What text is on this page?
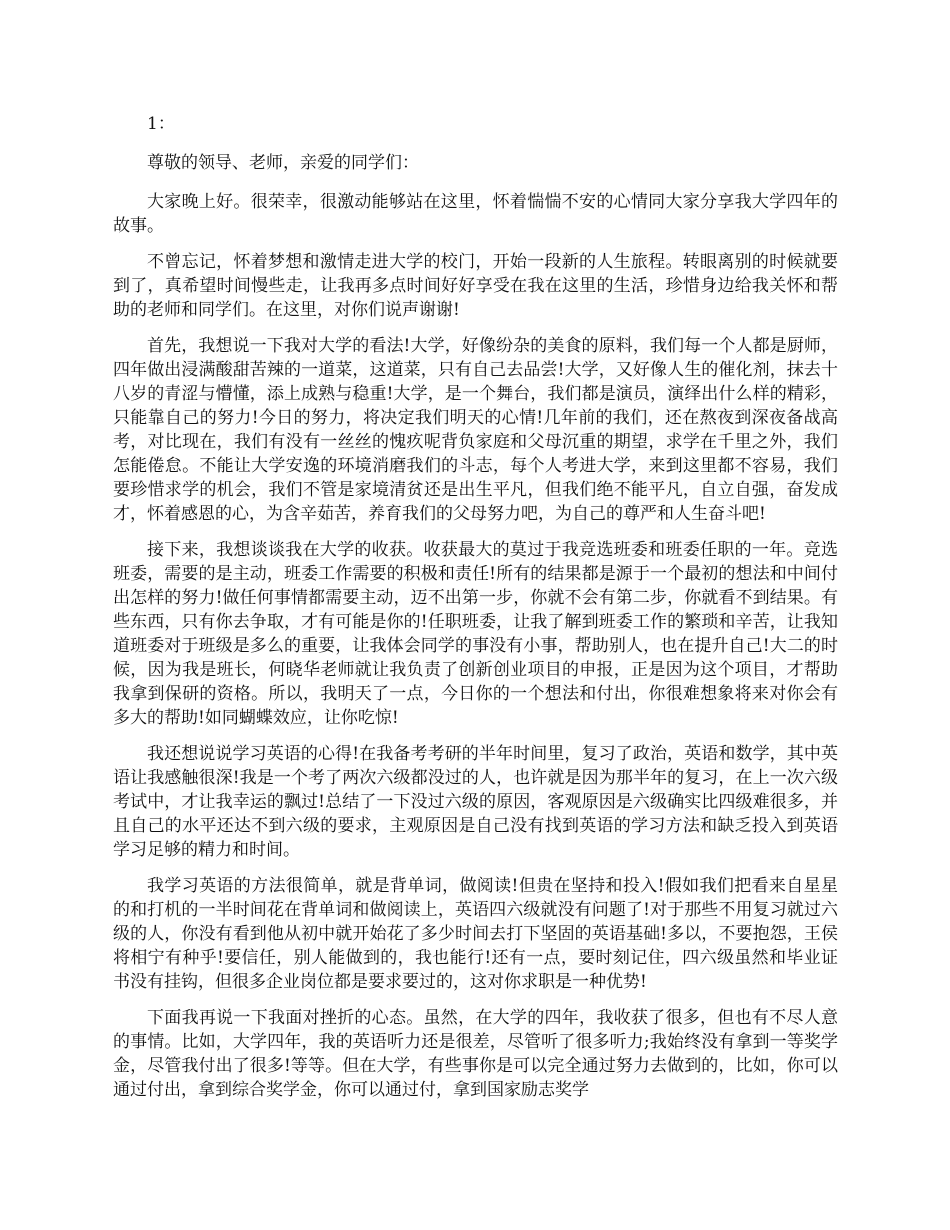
1：

尊敬的领导、老师，亲爱的同学们：

大家晚上好。很荣幸，很激动能够站在这里，怀着惴惴不安的心情同大家分享我大学四年的故事。

不曾忘记，怀着梦想和激情走进大学的校门，开始一段新的人生旅程。转眼离别的时候就要到了，真希望时间慢些走，让我再多点时间好好享受在我在这里的生活，珍惜身边给我关怀和帮助的老师和同学们。在这里，对你们说声谢谢!

首先，我想说一下我对大学的看法!大学，好像纷杂的美食的原料，我们每一个人都是厨师，四年做出浸满酸甜苦辣的一道菜，这道菜，只有自己去品尝!大学，又好像人生的催化剂，抹去十八岁的青涩与懵懂，添上成熟与稳重!大学，是一个舞台，我们都是演员，演绎出什么样的精彩，只能靠自己的努力!今日的努力，将决定我们明天的心情!几年前的我们，还在熬夜到深夜备战高考，对比现在，我们有没有一丝丝的愧疚呢背负家庭和父母沉重的期望，求学在千里之外，我们怎能倦怠。不能让大学安逸的环境消磨我们的斗志，每个人考进大学，来到这里都不容易，我们要珍惜求学的机会，我们不管是家境清贫还是出生平凡，但我们绝不能平凡，自立自强，奋发成才，怀着感恩的心，为含辛茹苦，养育我们的父母努力吧，为自己的尊严和人生奋斗吧!

接下来，我想谈谈我在大学的收获。收获最大的莫过于我竞选班委和班委任职的一年。竞选班委，需要的是主动，班委工作需要的积极和责任!所有的结果都是源于一个最初的想法和中间付出怎样的努力!做任何事情都需要主动，迈不出第一步，你就不会有第二步，你就看不到结果。有些东西，只有你去争取，才有可能是你的!任职班委，让我了解到班委工作的繁琐和辛苦，让我知道班委对于班级是多么的重要，让我体会同学的事没有小事，帮助别人，也在提升自己!大二的时候，因为我是班长，何晓华老师就让我负责了创新创业项目的申报，正是因为这个项目，才帮助我拿到保研的资格。所以，我明天了一点，今日你的一个想法和付出，你很难想象将来对你会有多大的帮助!如同蝴蝶效应，让你吃惊!

我还想说说学习英语的心得!在我备考考研的半年时间里，复习了政治，英语和数学，其中英语让我感触很深!我是一个考了两次六级都没过的人，也许就是因为那半年的复习，在上一次六级考试中，才让我幸运的飘过!总结了一下没过六级的原因，客观原因是六级确实比四级难很多，并且自己的水平还达不到六级的要求，主观原因是自己没有找到英语的学习方法和缺乏投入到英语学习足够的精力和时间。

我学习英语的方法很简单，就是背单词，做阅读!但贵在坚持和投入!假如我们把看来自星星的和打机的一半时间花在背单词和做阅读上，英语四六级就没有问题了!对于那些不用复习就过六级的人，你没有看到他从初中就开始花了多少时间去打下坚固的英语基础!多以，不要抱怨，王侯将相宁有种乎!要信任，别人能做到的，我也能行!还有一点，要时刻记住，四六级虽然和毕业证书没有挂钩，但很多企业岗位都是要求要过的，这对你求职是一种优势!

下面我再说一下我面对挫折的心态。虽然，在大学的四年，我收获了很多，但也有不尽人意的事情。比如，大学四年，我的英语听力还是很差，尽管听了很多听力;我始终没有拿到一等奖学金，尽管我付出了很多!等等。但在大学，有些事你是可以完全通过努力去做到的，比如，你可以通过付出，拿到综合奖学金，你可以通过付，拿到国家励志奖学
